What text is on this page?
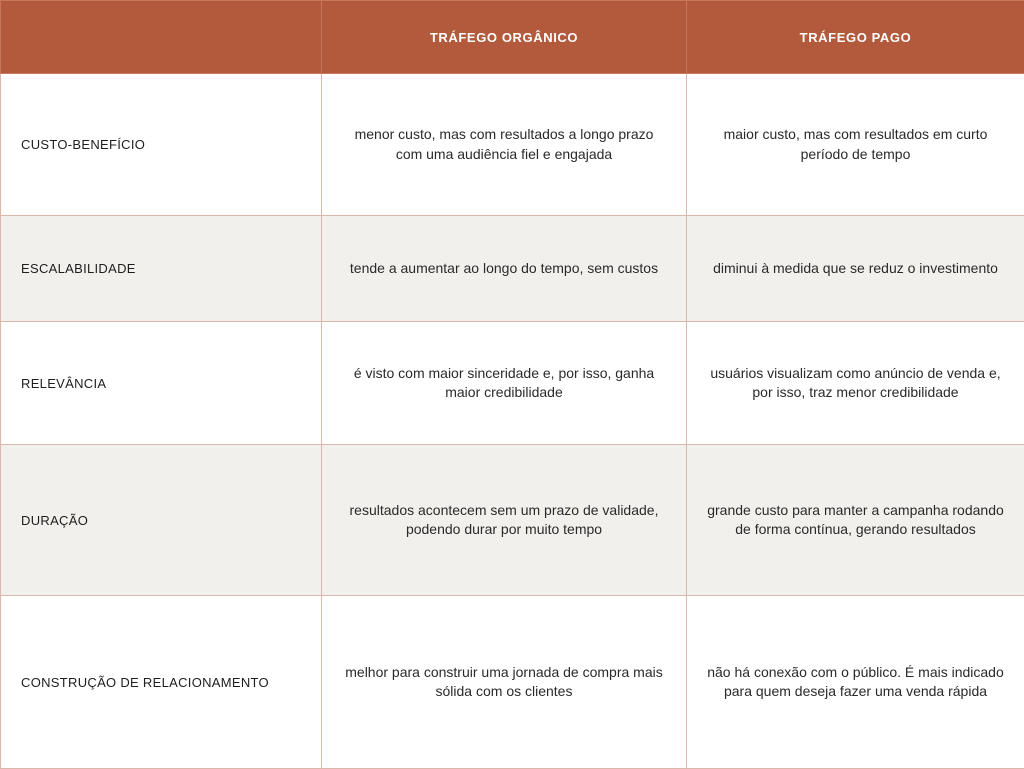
	TRÁFEGO ORGÂNICO	TRÁFEGO PAGO
CUSTO-BENEFÍCIO	menor custo, mas com resultados a longo prazo com uma audiência fiel e engajada	maior custo, mas com resultados em curto período de tempo
ESCALABILIDADE	tende a aumentar ao longo do tempo, sem custos	diminui à medida que se reduz o investimento
RELEVÂNCIA	é visto com maior sinceridade e, por isso, ganha maior credibilidade	usuários visualizam como anúncio de venda e, por isso, traz menor credibilidade
DURAÇÃO	resultados acontecem sem um prazo de validade, podendo durar por muito tempo	grande custo para manter a campanha rodando de forma contínua, gerando resultados
CONSTRUÇÃO DE RELACIONAMENTO	melhor para construir uma jornada de compra mais sólida com os clientes	não há conexão com o público. É mais indicado para quem deseja fazer uma venda rápida
